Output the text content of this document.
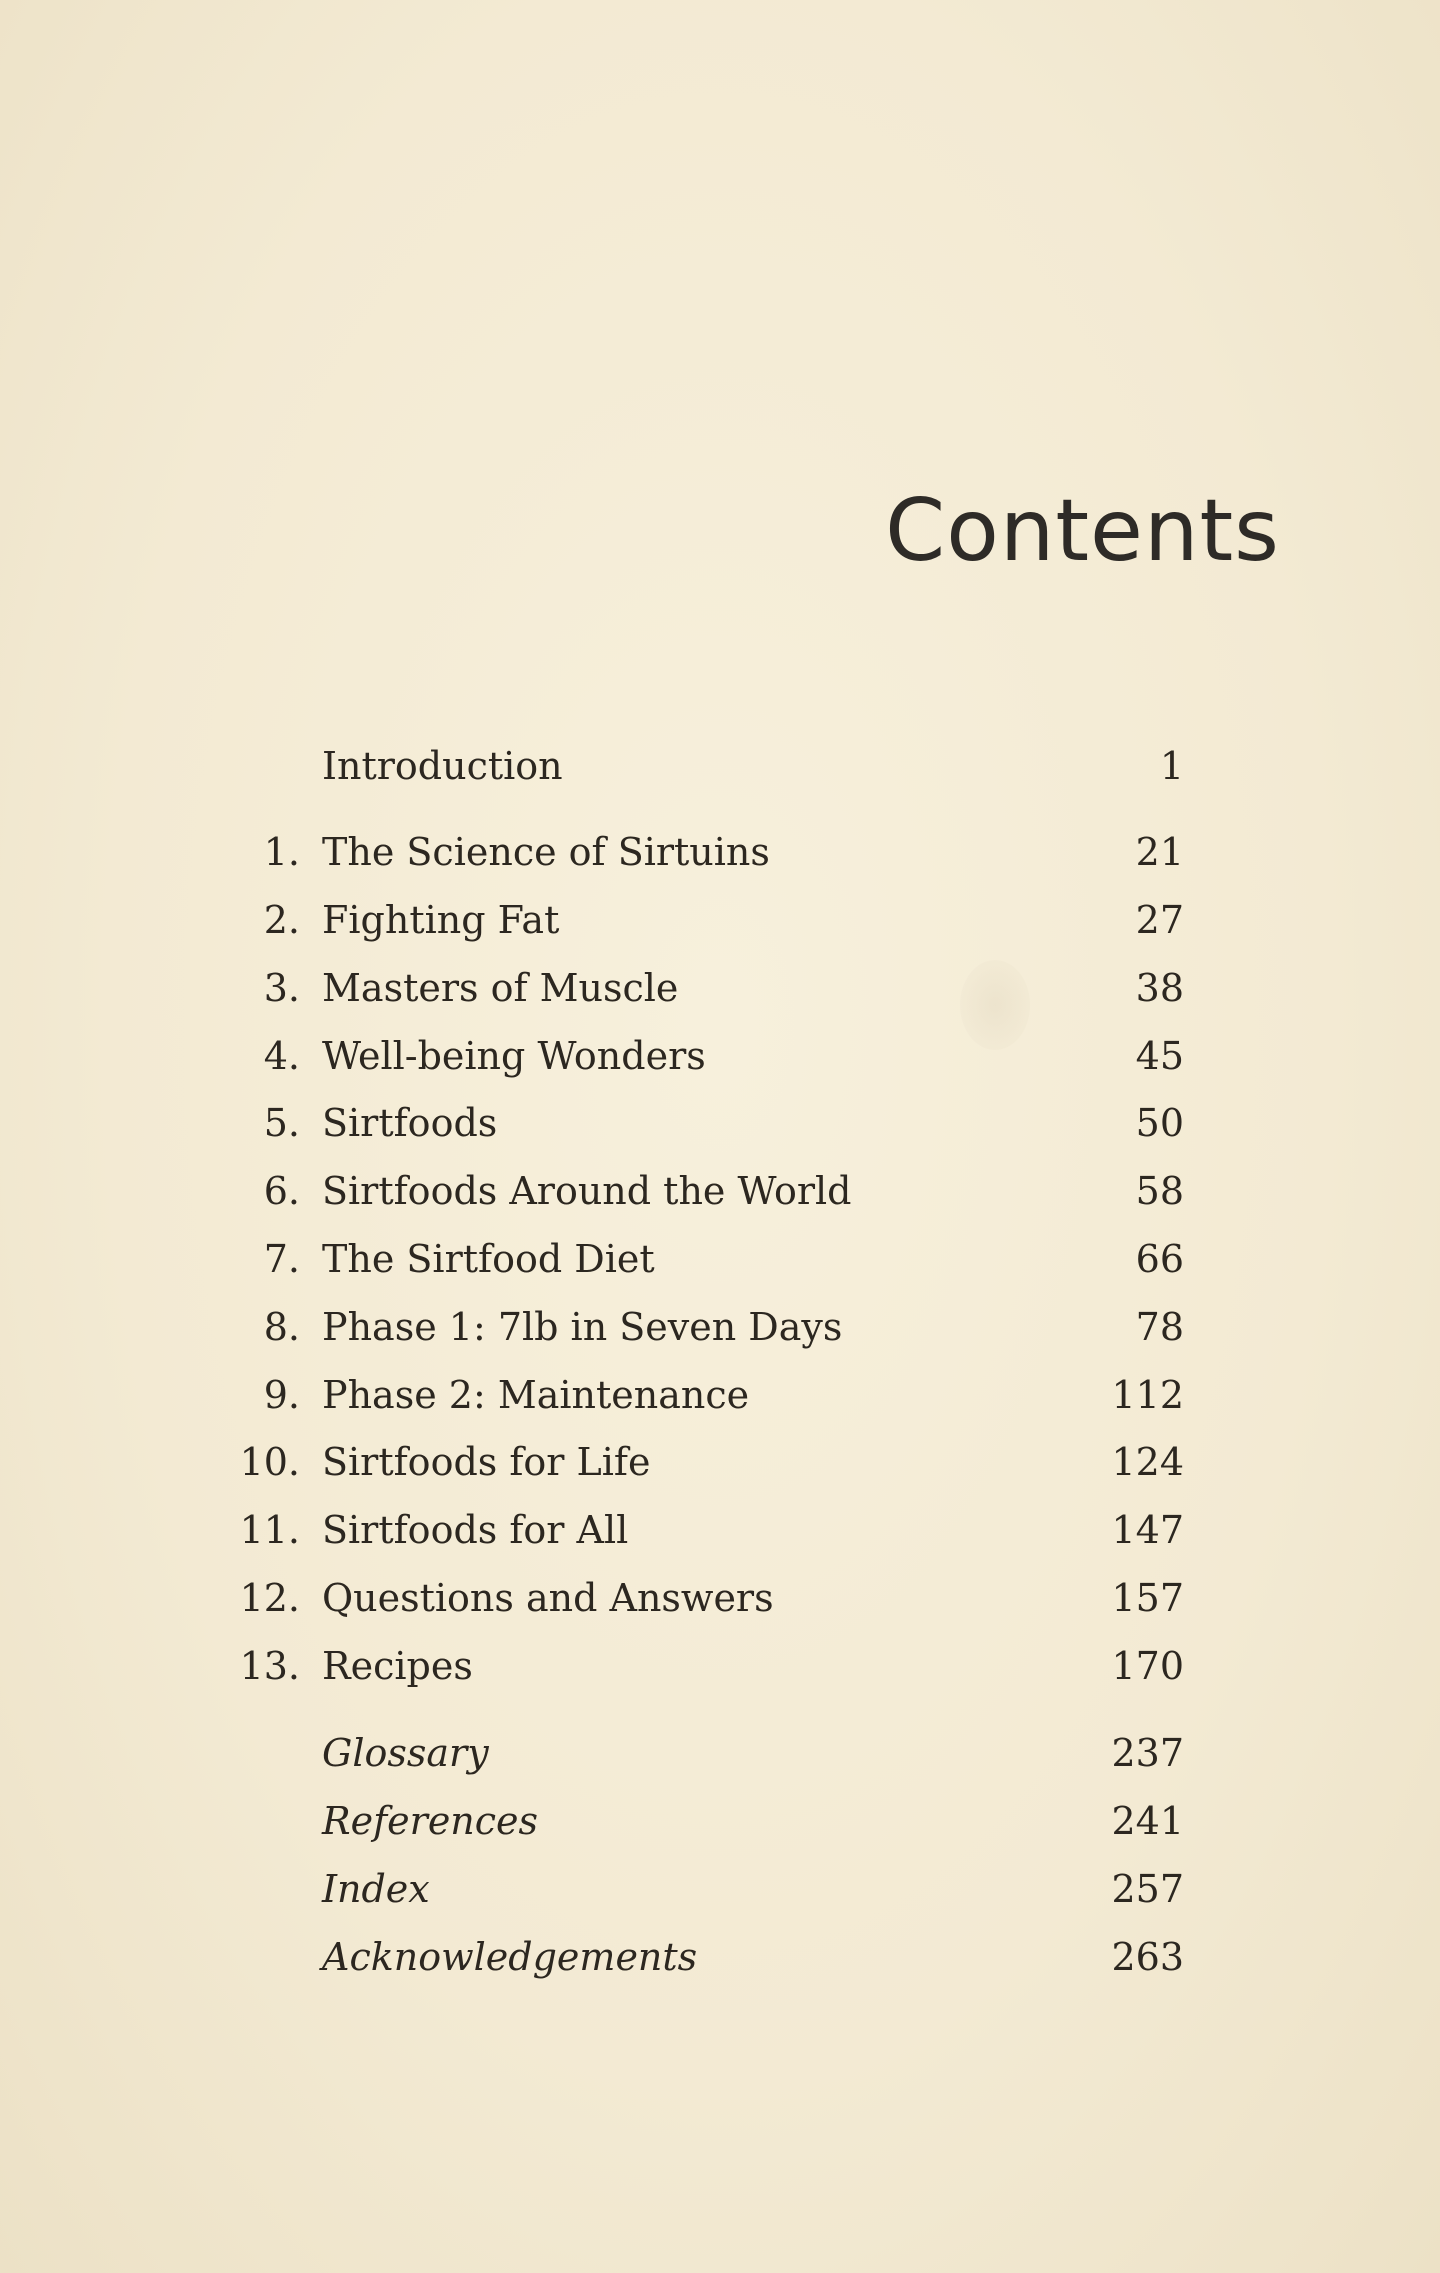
Contents
Introduction	1
1. The Science of Sirtuins	21
2. Fighting Fat	27
3. Masters of Muscle	38
4. Well-being Wonders	45
5. Sirtfoods	50
6. Sirtfoods Around the World	58
7. The Sirtfood Diet	66
8. Phase 1: 7lb in Seven Days	78
9. Phase 2: Maintenance	112
10. Sirtfoods for Life	124
11. Sirtfoods for All	147
12. Questions and Answers	157
13. Recipes	170
Glossary	237
References	241
Index	257
Acknowledgements	263
